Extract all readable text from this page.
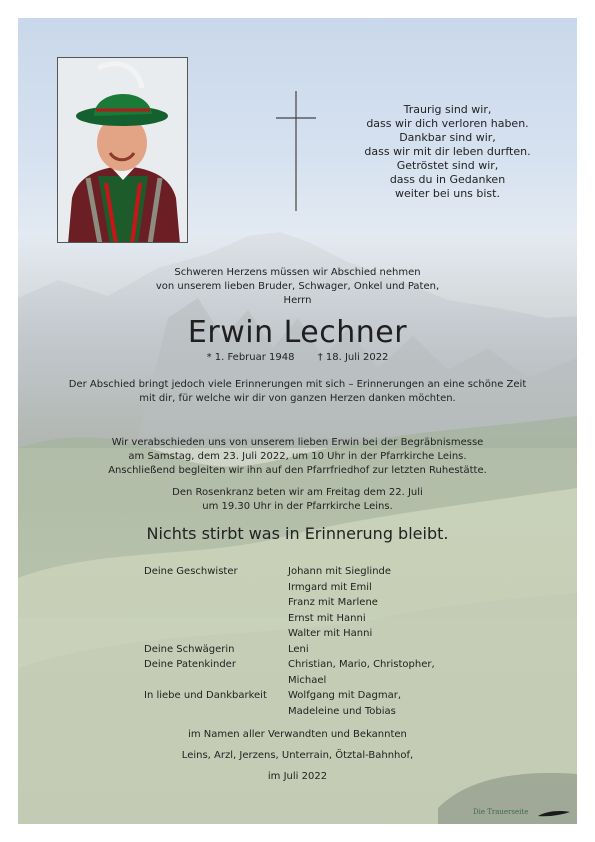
Traurig sind wir,
dass wir dich verloren haben.
Dankbar sind wir,
dass wir mit dir leben durften.
Getröstet sind wir,
dass du in Gedanken
weiter bei uns bist.
Schweren Herzens müssen wir Abschied nehmen
von unserem lieben Bruder, Schwager, Onkel und Paten,
Herrn
Erwin Lechner
* 1. Februar 1948 † 18. Juli 2022
Der Abschied bringt jedoch viele Erinnerungen mit sich – Erinnerungen an eine schöne Zeit
mit dir, für welche wir dir von ganzen Herzen danken möchten.
Wir verabschieden uns von unserem lieben Erwin bei der Begräbnismesse
am Samstag, dem 23. Juli 2022, um 10 Uhr in der Pfarrkirche Leins.
Anschließend begleiten wir ihn auf den Pfarrfriedhof zur letzten Ruhestätte.
Den Rosenkranz beten wir am Freitag dem 22. Juli
um 19.30 Uhr in der Pfarrkirche Leins.
Nichts stirbt was in Erinnerung bleibt.
Deine Geschwister	Johann mit Sieglinde
Irmgard mit Emil
Franz mit Marlene
Ernst mit Hanni
Walter mit Hanni
Deine Schwägerin	Leni
Deine Patenkinder	Christian, Mario, Christopher,
Michael
In liebe und Dankbarkeit	Wolfgang mit Dagmar,
Madeleine und Tobias
im Namen aller Verwandten und Bekannten
Leins, Arzl, Jerzens, Unterrain, Ötztal-Bahnhof,
im Juli 2022
Die Trauerseite
